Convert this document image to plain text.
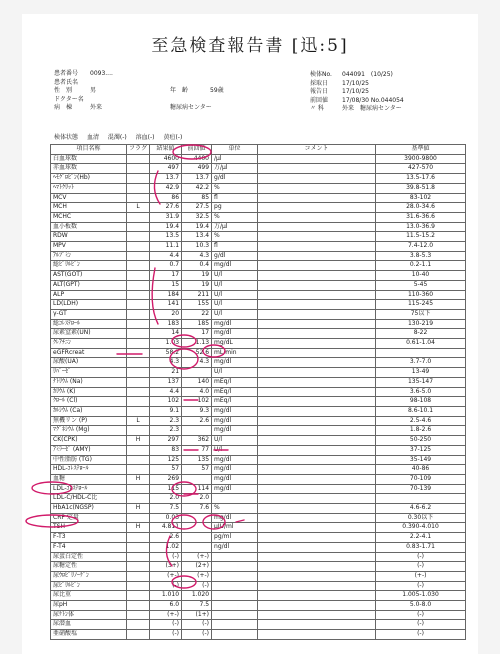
至急検査報告書 [迅:5]
患者番号 0093....
患者氏名
性　別	男	年　齢	59歳
ドクター名
病　棟	外来	糖尿病センター
検体No. 044091　(10/25)
採取日 17/10/25
報告日 17/10/25
前回値 17/08/30 No.044054
〃 科	外来　糖尿病センター
検体状態 血清 混濁(-) 溶血(-) 黄疸(-)
項目名称	フラグ	結果値	前回値	単位	コメント	基準値
白血球数		4600	4400	/μl		3900-9800
赤血球数		497	499	万/μl		427-570
ﾍﾓｸﾞﾛﾋﾞﾝ(Hb)		13.7	13.7	g/dl		13.5-17.6
ﾍﾏﾄｸﾘｯﾄ		42.9	42.2	%		39.8-51.8
MCV		86	85	fl		83-102
MCH	L	27.6	27.5	pg		28.0-34.6
MCHC		31.9	32.5	%		31.6-36.6
血小板数		19.4	19.4	万/μl		13.0-36.9
RDW		13.5	13.4	%		11.5-15.2
MPV		11.1	10.3	fl		7.4-12.0
ｱﾙﾌﾞﾐﾝ		4.4	4.3	g/dl		3.8-5.3
総ﾋﾞﾘﾙﾋﾞﾝ		0.7	0.4	mg/dl		0.2-1.1
AST(GOT)		17	19	U/l		10-40
ALT(GPT)		15	19	U/l		5-45
ALP		184	211	U/l		110-360
LD(LDH)		141	155	U/l		115-245
γ-GT		20	22	U/l		75以下
総ｺﾚｽﾃﾛｰﾙ		183	185	mg/dl		130-219
尿素窒素(UN)		14	17	mg/dl		8-22
ｸﾚｱﾁﾆﾝ		1.03	1.13	mg/dL		0.61-1.04
eGFRcreat		58.2	52.6	mL/min		
尿酸(UA)		4.3	4.3	mg/dl		3.7-7.0
ﾘﾊﾟｰｾﾞ		21		U/l		13-49
ﾅﾄﾘｳﾑ (Na)		137	140	mEq/l		135-147
ｶﾘｳﾑ (K)		4.4	4.0	mEq/l		3.6-5.0
ｸﾛｰﾙ (Cl)		102	102	mEq/l		98-108
ｶﾙｼｳﾑ (Ca)		9.1	9.3	mg/dl		8.6-10.1
無機リン (P)	L	2.3	2.6	mg/dl		2.5-4.6
ﾏｸﾞﾈｼｳﾑ (Mg)		2.3		mg/dl		1.8-2.6
CK(CPK)	H	297	362	U/l		50-250
ｱﾐﾗｰｾﾞ (AMY)		83	77	U/l		37-125
中性脂肪 (TG)		125	135	mg/dl		35-149
HDL-ｺﾚｽﾃﾛｰﾙ		57	57	mg/dl		40-86
血糖	H	269		mg/dl		70-109
LDL-ｺﾚｽﾃﾛｰﾙ		115	114	mg/dl		70-139
LDL-C/HDL-C比		2.0	2.0			
HbA1c(NGSP)	H	7.5	7.6	%		4.6-6.2
CRP 定量		0.03		mg/dl		0.30以下
TSH	H	4.811		μIU/ml		0.390-4.010
F-T3		2.6		pg/ml		2.2-4.1
F-T4		1.02		ng/dl		0.83-1.71
尿蛋白定性		(-)	(+-)			(-)
尿糖定性		(3+)	(2+)			(-)
尿ｳﾛﾋﾞﾘﾉｰｹﾞﾝ		(+-)	(+-)			(+-)
尿ﾋﾞﾘﾙﾋﾞﾝ		(-)	(-)			(-)
尿比重		1.010	1.020			1.005-1.030
尿pH		6.0	7.5			5.0-8.0
尿ｹﾄﾝ体		(+-)	(1+)			(-)
尿潜血		(-)	(-)			(-)
亜硝酸塩		(-)	(-)			(-)
